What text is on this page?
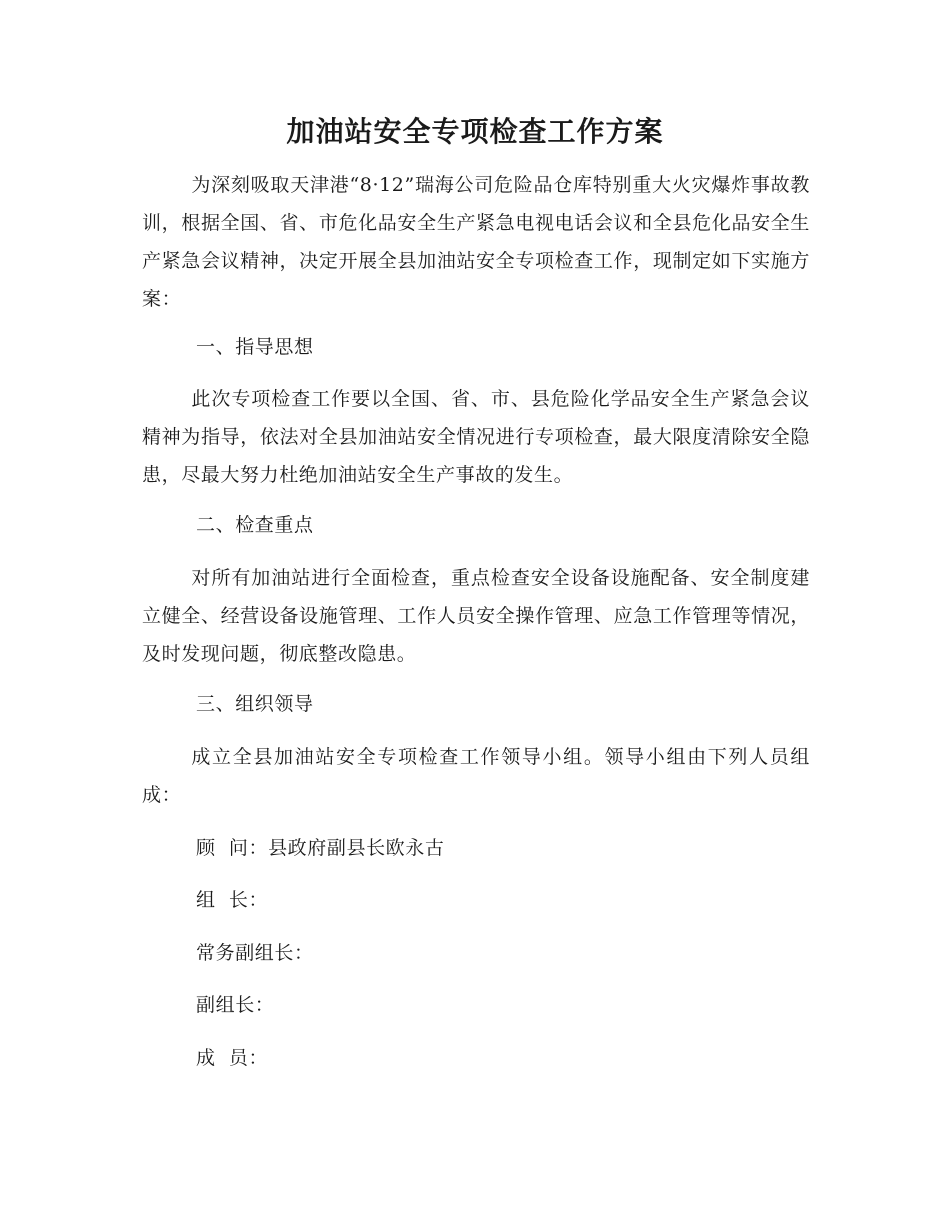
加油站安全专项检查工作方案

为深刻吸取天津港“8·12”瑞海公司危险品仓库特别重大火灾爆炸事故教训，根据全国、省、市危化品安全生产紧急电视电话会议和全县危化品安全生产紧急会议精神，决定开展全县加油站安全专项检查工作，现制定如下实施方案：

一、指导思想

此次专项检查工作要以全国、省、市、县危险化学品安全生产紧急会议精神为指导，依法对全县加油站安全情况进行专项检查，最大限度清除安全隐患，尽最大努力杜绝加油站安全生产事故的发生。

二、检查重点

对所有加油站进行全面检查，重点检查安全设备设施配备、安全制度建立健全、经营设备设施管理、工作人员安全操作管理、应急工作管理等情况，及时发现问题，彻底整改隐患。

三、组织领导

成立全县加油站安全专项检查工作领导小组。领导小组由下列人员组成：

顾  问：县政府副县长欧永古

组  长：

常务副组长：

副组长：

成  员：
